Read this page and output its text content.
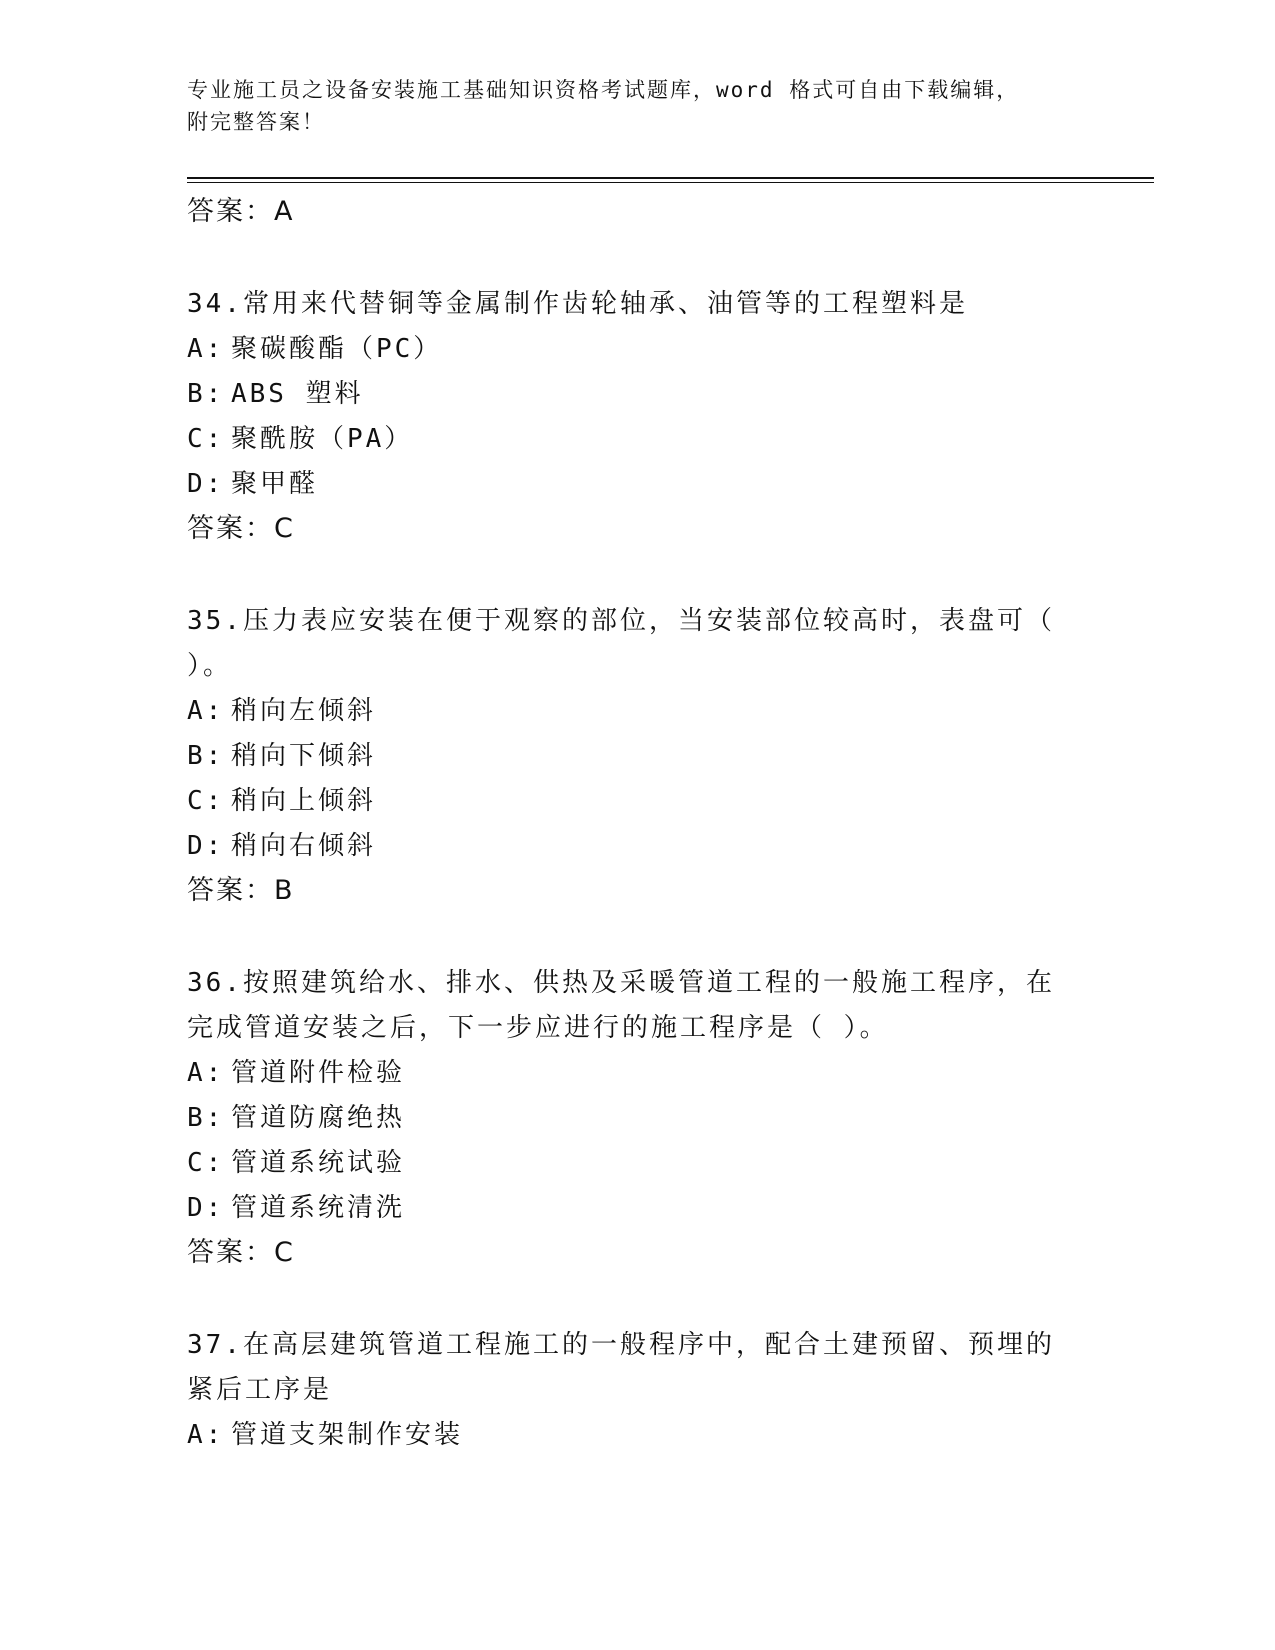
专业施工员之设备安装施工基础知识资格考试题库，word 格式可自由下载编辑，
附完整答案！
答案：A
34.常用来代替铜等金属制作齿轮轴承、油管等的工程塑料是
A: 聚碳酸酯（PC）
B: ABS 塑料
C: 聚酰胺（PA）
D: 聚甲醛
答案：C
35.压力表应安装在便于观察的部位，当安装部位较高时，表盘可（ ）。
A: 稍向左倾斜
B: 稍向下倾斜
C: 稍向上倾斜
D: 稍向右倾斜
答案：B
36.按照建筑给水、排水、供热及采暖管道工程的一般施工程序，在完成管道安装之后，下一步应进行的施工程序是（ ）。
A: 管道附件检验
B: 管道防腐绝热
C: 管道系统试验
D: 管道系统清洗
答案：C
37.在高层建筑管道工程施工的一般程序中，配合土建预留、预埋的紧后工序是
A: 管道支架制作安装
